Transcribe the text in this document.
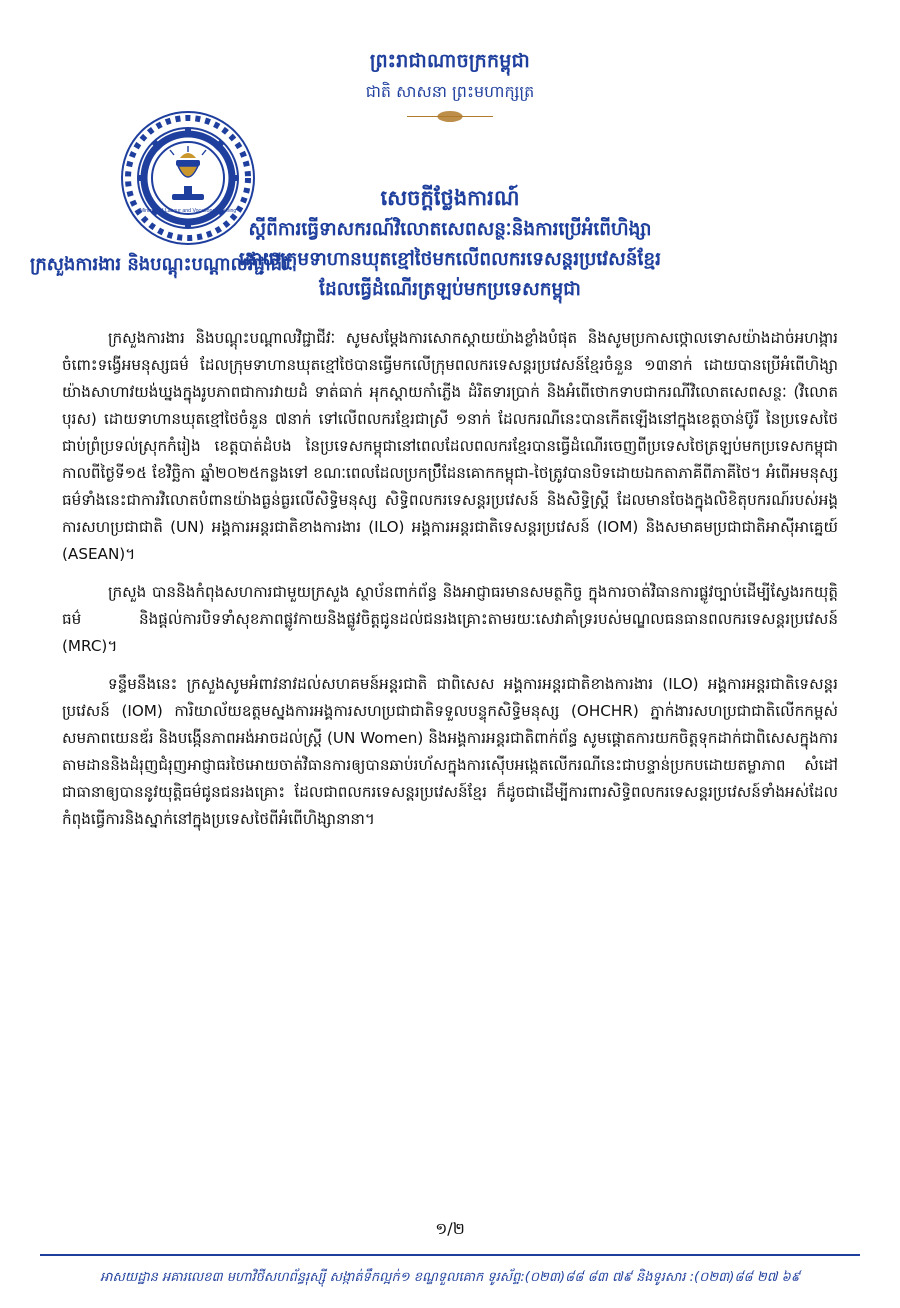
ព្រះរាជាណាចក្រកម្ពុជា
ជាតិ សាសនា ព្រះមហាក្សត្រ
Ministry of Labour and Vocational Training
ក្រសួងការងារ និងបណ្តុះបណ្តាលវិជ្ជាជីវៈ
សេចក្តីថ្លែងការណ៍
ស្តីពីការធ្វើទាសករណ៍វិលោតសេពសន្ថៈនិងការប្រើអំពើហិង្សា
ដោយក្រុមទាហានឃុតខ្មៅថៃមកលើពលករទេសន្តរប្រវេសន៍ខ្មែរ
ដែលធ្វើដំណើរត្រឡប់មកប្រទេសកម្ពុជា

ក្រសួងការងារ និងបណ្តុះបណ្តាលវិជ្ជាជីវៈ សូមសម្តែងការសោកស្តាយយ៉ាងខ្លាំងបំផុត និងសូមប្រកាសថ្កោលទោសយ៉ាងដាច់អហង្ការចំពោះទង្វើអមនុស្សធម៌ ដែលក្រុមទាហានឃុតខ្មៅថៃបានធ្វើមកលើក្រុមពលករទេសន្តរប្រវេសន៍ខ្មែរចំនួន ១៣នាក់ ដោយបានប្រើអំពើហិង្សាយ៉ាងសាហាវយង់ឃ្នងក្នុងរូបភាពជាការវាយដំ ទាត់ធាក់ អុកស្តាយកាំភ្លើង ដំរិតទារប្រាក់ និងអំពើថោកទាបជាករណីវិលោតសេពសន្ថៈ (វិលោតបុរស) ដោយទាហានឃុតខ្មៅថៃចំនួន ៧នាក់ ទៅលើពលករខ្មែរជាស្រី ១នាក់ ដែលករណីនេះបានកើតឡើងនៅក្នុងខេត្តចាន់ប៊ូរី នៃប្រទេសថៃ ជាប់ព្រំប្រទល់ស្រុកកំរៀង ខេត្តបាត់ដំបង នៃប្រទេសកម្ពុជានៅពេលដែលពលករខ្មែរបានធ្វើដំណើរចេញពីប្រទេសថៃត្រឡប់មកប្រទេសកម្ពុជា កាលពីថ្ងៃទី១៥ ខែវិច្ឆិកា ឆ្នាំ២០២៥កន្លងទៅ ខណៈពេលដែលប្រកប្រឹំដែនគោកកម្ពុជា-ថៃត្រូវបានបិទដោយឯកតាភាគីពីភាគីថៃ។ អំពើអមនុស្សធម៌ទាំងនេះជាការវិលោតបំពានយ៉ាងធ្ងន់ធ្ងរលើសិទ្ធិមនុស្ស សិទ្ធិពលករទេសន្តរប្រវេសន៍ និងសិទ្ធិស្ត្រី ដែលមានចែងក្នុងលិខិតុបករណ៍របស់អង្គការសហប្រជាជាតិ (UN) អង្គការអន្តរជាតិខាងការងារ (ILO) អង្គការអន្តរជាតិទេសន្តរប្រវេសន៍ (IOM) និងសមាគមប្រជាជាតិអាស៊ីអាគ្នេយ៍ (ASEAN)។

ក្រសួង បាននិងកំពុងសហការជាមួយក្រសួង ស្ថាប័នពាក់ព័ន្ធ និងអាជ្ញាធរមានសមត្ថកិច្ច ក្នុងការចាត់វិធានការផ្លូវច្បាប់ដើម្បីស្វែងរកយុត្តិធម៌ និងផ្តល់ការបិទទាំសុខភាពផ្លូវកាយនិងផ្លូវចិត្តជូនដល់ជនរងគ្រោះតាមរយៈសេវាគាំទ្ររបស់មណ្ឌលធនធានពលករទេសន្តរប្រវេសន៍ (MRC)។

ទន្ទឹមនឹងនេះ ក្រសួងសូមអំពាវនាវដល់សហគមន៍អន្តរជាតិ ជាពិសេស អង្គការអន្តរជាតិខាងការងារ (ILO) អង្គការអន្តរជាតិទេសន្តរប្រវេសន៍ (IOM) ការិយាល័យឧត្តមស្នងការអង្គការសហប្រជាជាតិទទួលបន្ទុកសិទ្ធិមនុស្ស (OHCHR) ភ្នាក់ងារសហប្រជាជាតិលើកកម្ពស់សមភាពយេនឌ័រ និងបង្កើនភាពអង់អាចដល់ស្ត្រី (UN Women) និងអង្គការអន្តរជាតិពាក់ព័ន្ធ សូមផ្តោតការយកចិត្តទុកដាក់ជាពិសេសក្នុងការតាមដាននិងដំរុញជំរុញអាជ្ញាធរថៃអោយចាត់វិធានការឲ្យបានឆាប់រហ័សក្នុងការស៊ើបអង្កេតលើករណីនេះជាបន្ទាន់ប្រកបដោយតម្លាភាព សំដៅជាធានាឲ្យបាននូវយុត្តិធម៌ជូនជនរងគ្រោះ ដែលជាពលករទេសន្តរប្រវេសន៍ខ្មែរ ក៏ដូចជាដើម្បីការពារសិទ្ធិពលករទេសន្តរប្រវេសន៍ទាំងអស់ដែលកំពុងធ្វើការនិងស្នាក់នៅក្នុងប្រទេសថៃពីអំពើហិង្សានានា។

១/២
អាសយដ្ឋាន អគារលេខ៣ មហាវិថីសហព័ន្ធរុស្ស៊ី សង្កាត់ទឹកល្អក់១ ខណ្ឌទួលគោក ទូរស័ព្ទ:(០២៣)៨៨ ៨៣ ៧៩ និងទូរសារ :(០២៣)៨៨ ២៧ ៦៩
